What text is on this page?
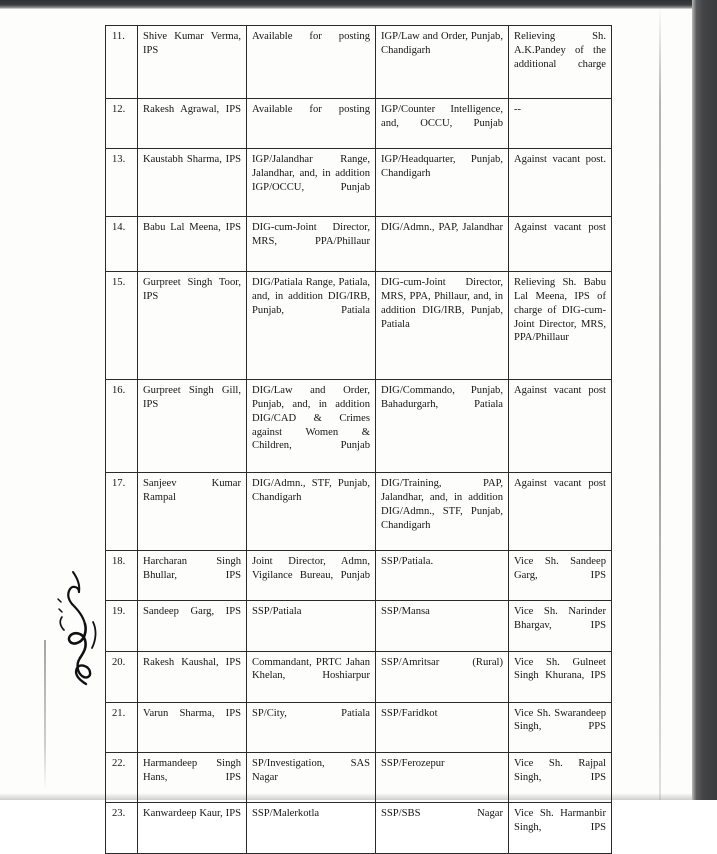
11.	Shive Kumar Verma, IPS	Available for posting	IGP/Law and Order, Punjab, Chandigarh	Relieving Sh. A.K.Pandey of the additional charge
12.	Rakesh Agrawal, IPS	Available for posting	IGP/Counter Intelligence, and, OCCU, Punjab	--
13.	Kaustabh Sharma, IPS	IGP/Jalandhar Range, Jalandhar, and, in addition IGP/OCCU, Punjab	IGP/Headquarter, Punjab, Chandigarh	Against vacant post.
14.	Babu Lal Meena, IPS	DIG-cum-Joint Director, MRS, PPA/Phillaur	DIG/Admn., PAP, Jalandhar	Against vacant post
15.	Gurpreet Singh Toor, IPS	DIG/Patiala Range, Patiala, and, in addition DIG/IRB, Punjab, Patiala	DIG-cum-Joint Director, MRS, PPA, Phillaur, and, in addition DIG/IRB, Punjab, Patiala	Relieving Sh. Babu Lal Meena, IPS of charge of DIG-cum-Joint Director, MRS, PPA/Phillaur
16.	Gurpreet Singh Gill, IPS	DIG/Law and Order, Punjab, and, in addition DIG/CAD & Crimes against Women & Children, Punjab	DIG/Commando, Punjab, Bahadurgarh, Patiala	Against vacant post
17.	Sanjeev Kumar Rampal	DIG/Admn., STF, Punjab, Chandigarh	DIG/Training, PAP, Jalandhar, and, in addition DIG/Admn., STF, Punjab, Chandigarh	Against vacant post
18.	Harcharan Singh Bhullar, IPS	Joint Director, Admn, Vigilance Bureau, Punjab	SSP/Patiala.	Vice Sh. Sandeep Garg, IPS
19.	Sandeep Garg, IPS	SSP/Patiala	SSP/Mansa	Vice Sh. Narinder Bhargav, IPS
20.	Rakesh Kaushal, IPS	Commandant, PRTC Jahan Khelan, Hoshiarpur	SSP/Amritsar (Rural)	Vice Sh. Gulneet Singh Khurana, IPS
21.	Varun Sharma, IPS	SP/City, Patiala	SSP/Faridkot	Vice Sh. Swarandeep Singh, PPS
22.	Harmandeep Singh Hans, IPS	SP/Investigation, SAS Nagar	SSP/Ferozepur	Vice Sh. Rajpal Singh, IPS
23.	Kanwardeep Kaur, IPS	SSP/Malerkotla	SSP/SBS Nagar	Vice Sh. Harmanbir Singh, IPS
